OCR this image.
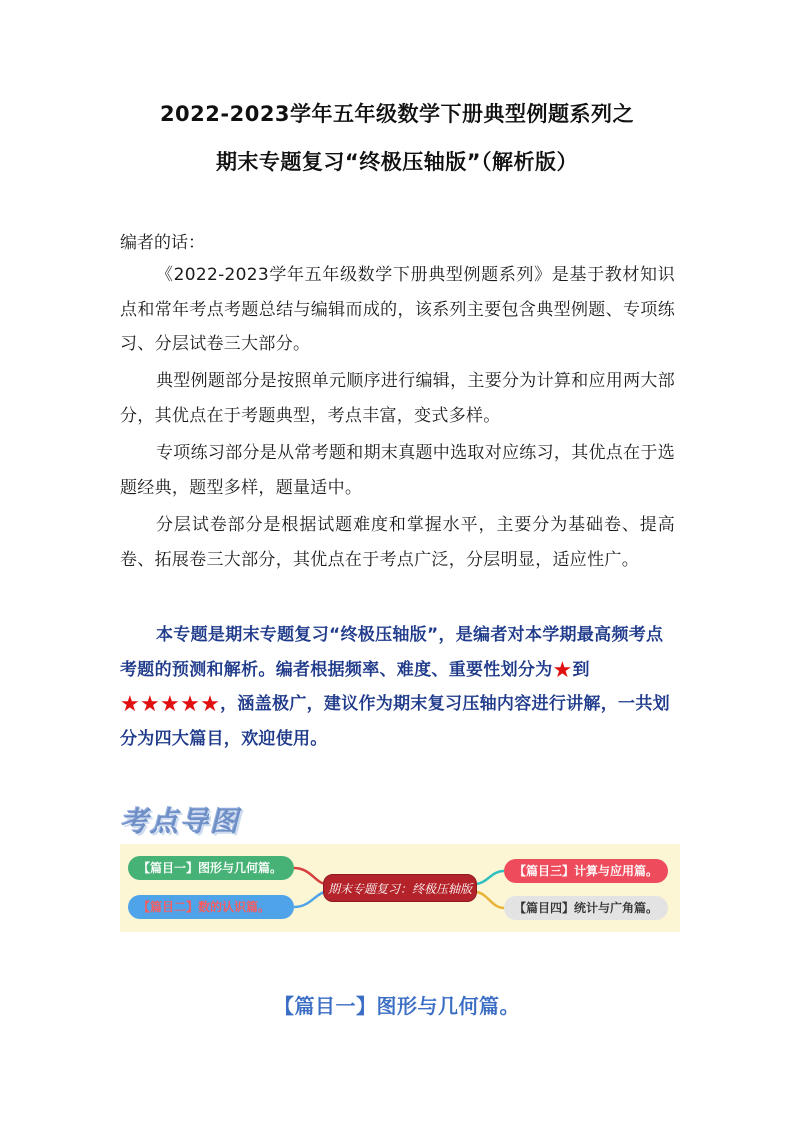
2022-2023学年五年级数学下册典型例题系列之
期末专题复习“终极压轴版”（解析版）
编者的话：

《2022-2023学年五年级数学下册典型例题系列》是基于教材知识点和常年考点考题总结与编辑而成的，该系列主要包含典型例题、专项练习、分层试卷三大部分。

典型例题部分是按照单元顺序进行编辑，主要分为计算和应用两大部分，其优点在于考题典型，考点丰富，变式多样。

专项练习部分是从常考题和期末真题中选取对应练习，其优点在于选题经典，题型多样，题量适中。

分层试卷部分是根据试题难度和掌握水平，主要分为基础卷、提高卷、拓展卷三大部分，其优点在于考点广泛，分层明显，适应性广。

本专题是期末专题复习“终极压轴版”，是编者对本学期最高频考点考题的预测和解析。编者根据频率、难度、重要性划分为★到★★★★★，涵盖极广，建议作为期末复习压轴内容进行讲解，一共划分为四大篇目，欢迎使用。

考点导图
【篇目一】图形与几何篇。
【篇目二】数的认识篇。
期末专题复习：终极压轴版
【篇目三】计算与应用篇。
【篇目四】统计与广角篇。
【篇目一】图形与几何篇。
